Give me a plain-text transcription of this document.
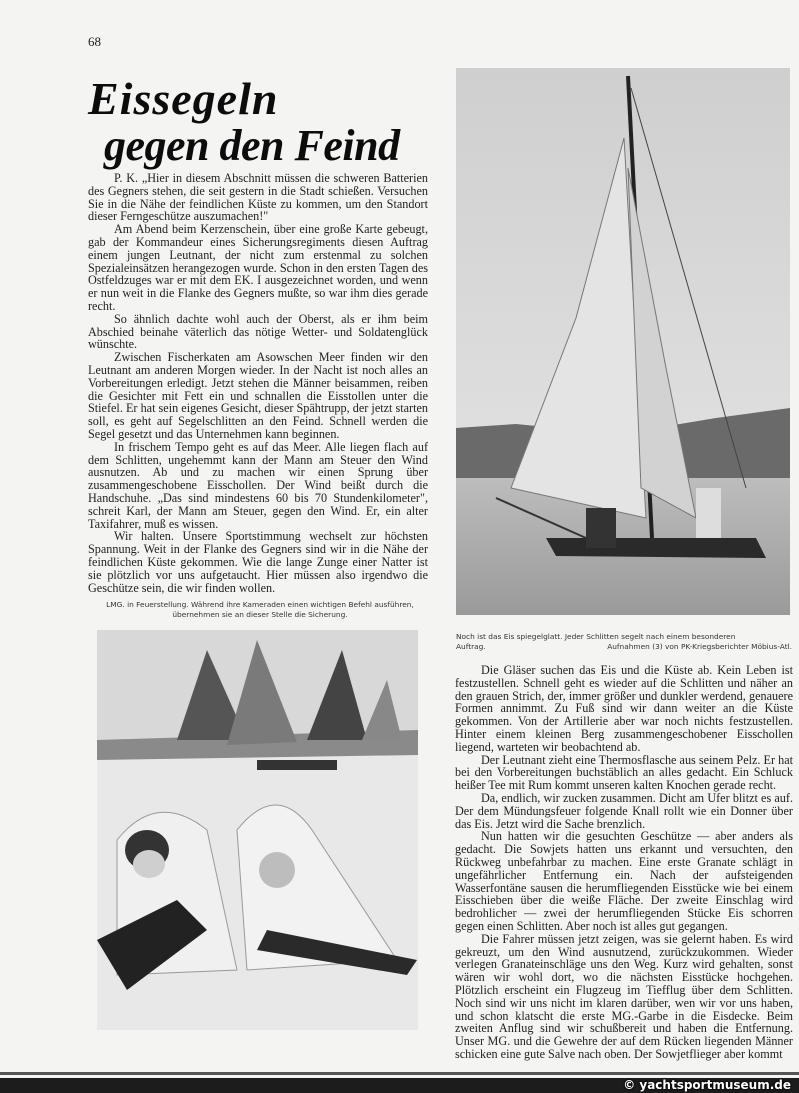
68
Eissegeln
gegen den Feind

P. K. „Hier in diesem Abschnitt müssen die schweren Batterien des Gegners stehen, die seit gestern in die Stadt schießen. Versuchen Sie in die Nähe der feindlichen Küste zu kommen, um den Standort dieser Ferngeschütze auszumachen!"

Am Abend beim Kerzenschein, über eine große Karte gebeugt, gab der Kommandeur eines Sicherungsregiments diesen Auftrag einem jungen Leutnant, der nicht zum erstenmal zu solchen Spezialeinsätzen herangezogen wurde. Schon in den ersten Tagen des Ostfeldzuges war er mit dem EK. I ausgezeichnet worden, und wenn er nun weit in die Flanke des Gegners mußte, so war ihm dies gerade recht.

So ähnlich dachte wohl auch der Oberst, als er ihm beim Abschied beinahe väterlich das nötige Wetter- und Soldatenglück wünschte.

Zwischen Fischerkaten am Asowschen Meer finden wir den Leutnant am anderen Morgen wieder. In der Nacht ist noch alles an Vorbereitungen erledigt. Jetzt stehen die Männer beisammen, reiben die Gesichter mit Fett ein und schnallen die Eisstollen unter die Stiefel. Er hat sein eigenes Gesicht, dieser Spähtrupp, der jetzt starten soll, es geht auf Segelschlitten an den Feind. Schnell werden die Segel gesetzt und das Unternehmen kann beginnen.

In frischem Tempo geht es auf das Meer. Alle liegen flach auf dem Schlitten, ungehemmt kann der Mann am Steuer den Wind ausnutzen. Ab und zu machen wir einen Sprung über zusammengeschobene Eisschollen. Der Wind beißt durch die Handschuhe. „Das sind mindestens 60 bis 70 Stundenkilometer", schreit Karl, der Mann am Steuer, gegen den Wind. Er, ein alter Taxifahrer, muß es wissen.

Wir halten. Unsere Sportstimmung wechselt zur höchsten Spannung. Weit in der Flanke des Gegners sind wir in die Nähe der feindlichen Küste gekommen. Wie die lange Zunge einer Natter ist sie plötzlich vor uns aufgetaucht. Hier müssen also irgendwo die Geschütze sein, die wir finden wollen.

LMG. in Feuerstellung. Während ihre Kameraden einen wichtigen Befehl ausführen, übernehmen sie an dieser Stelle die Sicherung.
Noch ist das Eis spiegelglatt. Jeder Schlitten segelt nach einem besonderen
Auftrag.	Aufnahmen (3) von PK-Kriegsberichter Möbius-Atl.

Die Gläser suchen das Eis und die Küste ab. Kein Leben ist festzustellen. Schnell geht es wieder auf die Schlitten und näher an den grauen Strich, der, immer größer und dunkler werdend, genauere Formen annimmt. Zu Fuß sind wir dann weiter an die Küste gekommen. Von der Artillerie aber war noch nichts festzustellen. Hinter einem kleinen Berg zusammengeschobener Eisschollen liegend, warteten wir beobachtend ab.

Der Leutnant zieht eine Thermosflasche aus seinem Pelz. Er hat bei den Vorbereitungen buchstäblich an alles gedacht. Ein Schluck heißer Tee mit Rum kommt unseren kalten Knochen gerade recht.

Da, endlich, wir zucken zusammen. Dicht am Ufer blitzt es auf. Der dem Mündungsfeuer folgende Knall rollt wie ein Donner über das Eis. Jetzt wird die Sache brenzlich.

Nun hatten wir die gesuchten Geschütze — aber anders als gedacht. Die Sowjets hatten uns erkannt und versuchten, den Rückweg unbefahrbar zu machen. Eine erste Granate schlägt in ungefährlicher Entfernung ein. Nach der aufsteigenden Wasserfontäne sausen die herumfliegenden Eisstücke wie bei einem Eisschieben über die weiße Fläche. Der zweite Einschlag wird bedrohlicher — zwei der herumfliegenden Stücke Eis schorren gegen einen Schlitten. Aber noch ist alles gut gegangen.

Die Fahrer müssen jetzt zeigen, was sie gelernt haben. Es wird gekreuzt, um den Wind ausnutzend, zurückzukommen. Wieder verlegen Granateinschläge uns den Weg. Kurz wird gehalten, sonst wären wir wohl dort, wo die nächsten Eisstücke hochgehen. Plötzlich erscheint ein Flugzeug im Tiefflug über dem Schlitten. Noch sind wir uns nicht im klaren darüber, wen wir vor uns haben, und schon klatscht die erste MG.-Garbe in die Eisdecke. Beim zweiten Anflug sind wir schußbereit und haben die Entfernung. Unser MG. und die Gewehre der auf dem Rücken liegenden Männer schicken eine gute Salve nach oben. Der Sowjetflieger aber kommt

© yachtsportmuseum.de
